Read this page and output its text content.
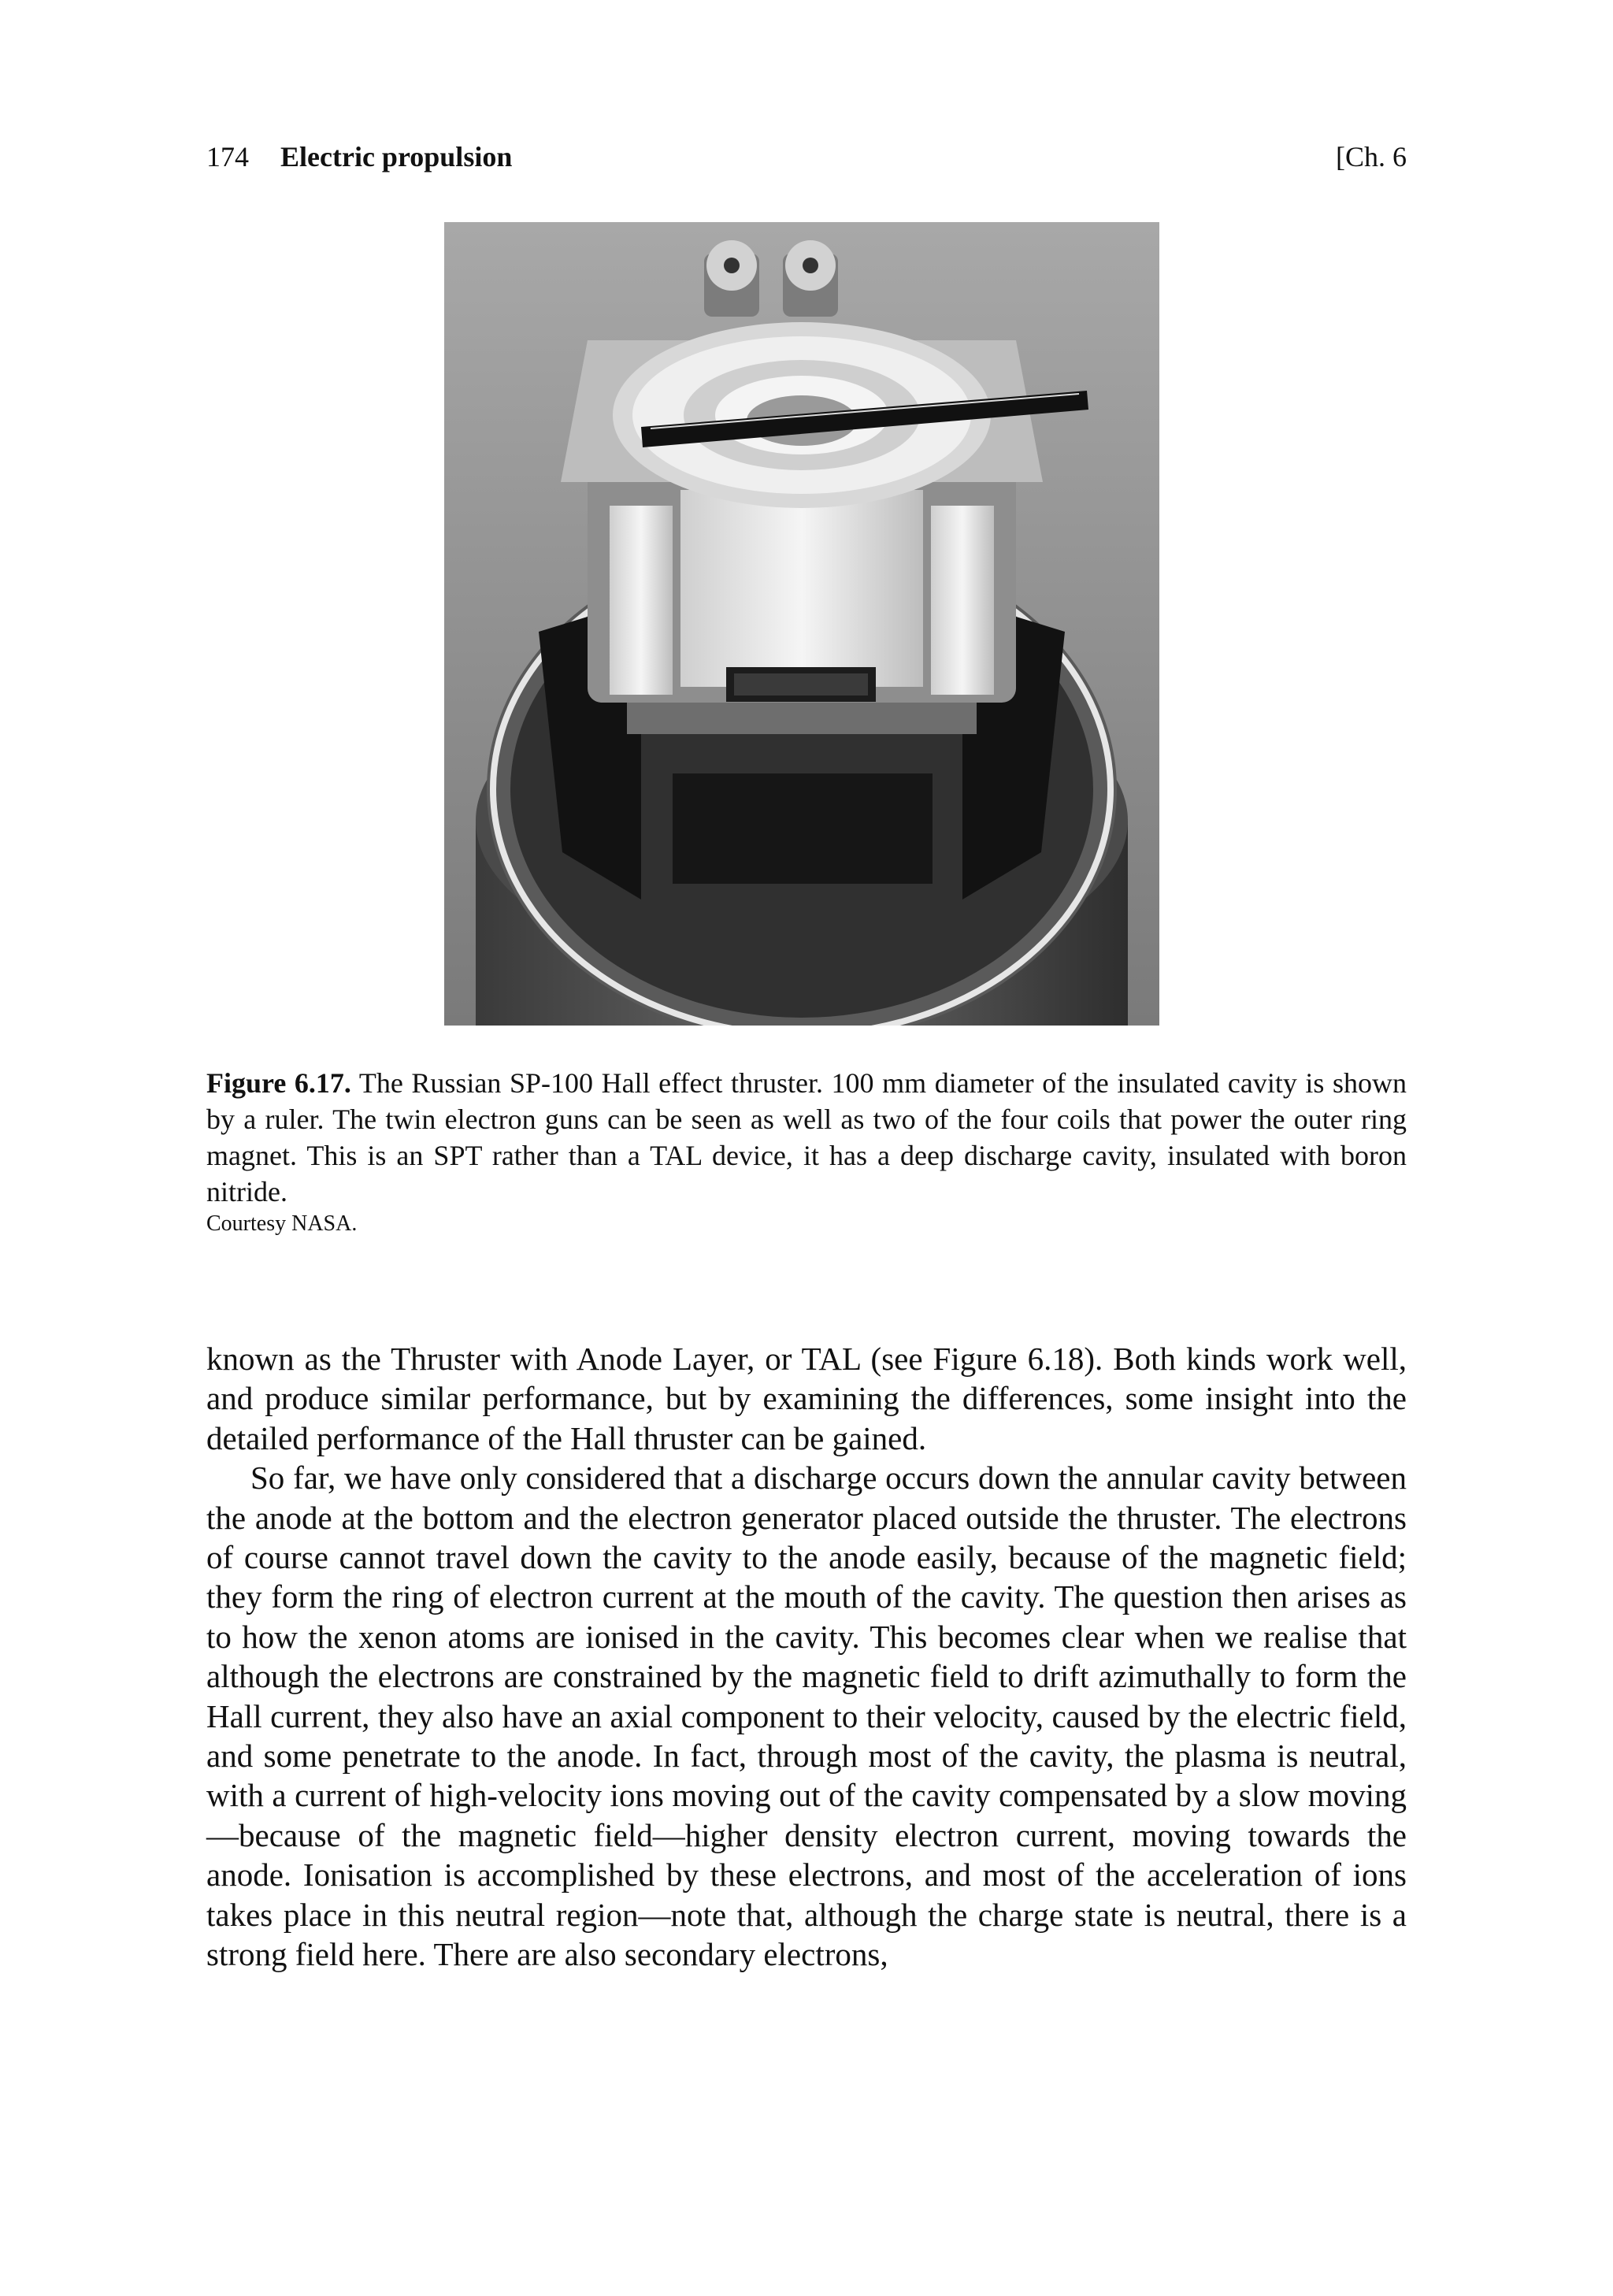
174 Electric propulsion	[Ch. 6
Figure 6.17. The Russian SP-100 Hall effect thruster. 100 mm diameter of the insulated cavity is shown by a ruler. The twin electron guns can be seen as well as two of the four coils that power the outer ring magnet. This is an SPT rather than a TAL device, it has a deep discharge cavity, insulated with boron nitride.
Courtesy NASA.

known as the Thruster with Anode Layer, or TAL (see Figure 6.18). Both kinds work well, and produce similar performance, but by examining the differences, some insight into the detailed performance of the Hall thruster can be gained.

So far, we have only considered that a discharge occurs down the annular cavity between the anode at the bottom and the electron generator placed outside the thruster. The electrons of course cannot travel down the cavity to the anode easily, because of the magnetic field; they form the ring of electron current at the mouth of the cavity. The question then arises as to how the xenon atoms are ionised in the cavity. This becomes clear when we realise that although the electrons are constrained by the magnetic field to drift azimuthally to form the Hall current, they also have an axial component to their velocity, caused by the electric field, and some penetrate to the anode. In fact, through most of the cavity, the plasma is neutral, with a current of high-velocity ions moving out of the cavity compensated by a slow moving—because of the magnetic field—higher density electron current, moving towards the anode. Ionisation is accomplished by these electrons, and most of the acceleration of ions takes place in this neutral region—note that, although the charge state is neutral, there is a strong field here. There are also secondary electrons,
